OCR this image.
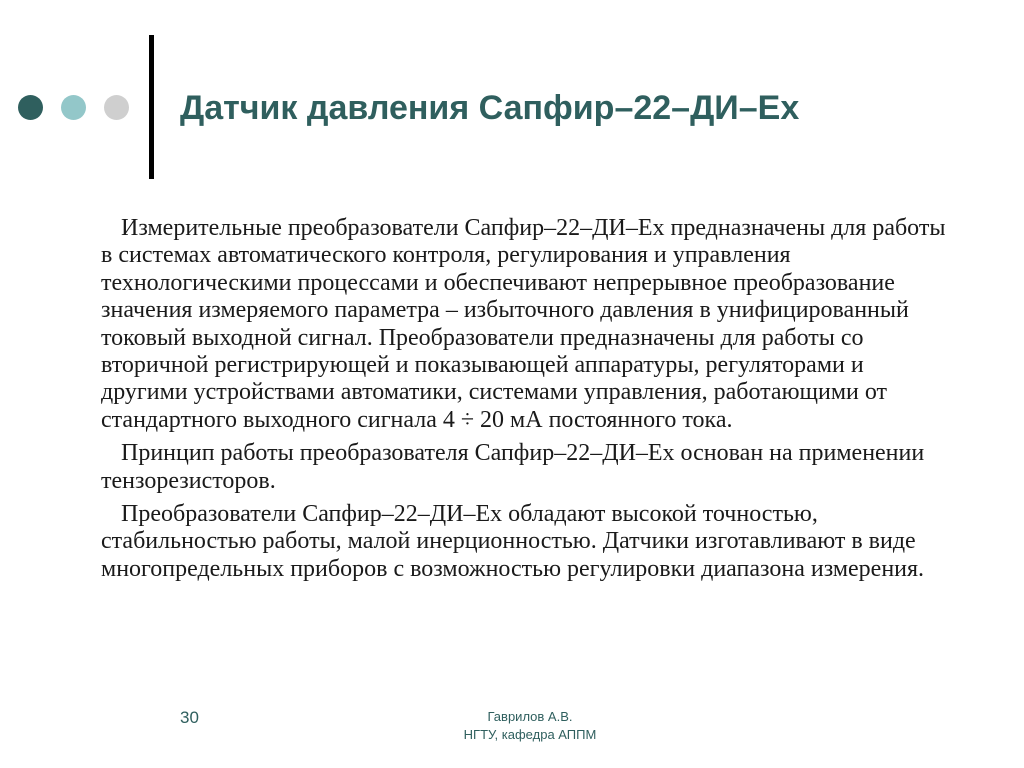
Датчик давления Сапфир–22–ДИ–Ех

Измерительные преобразователи Сапфир–22–ДИ–Ех предназначены для работы в системах автоматического контроля, регулирования и управления технологическими процессами и обеспечивают непрерывное преобразование значения измеряемого параметра – избыточного давления в унифицированный токовый выходной сигнал. Преобразователи предназначены для работы со вторичной регистрирующей и показывающей аппаратуры, регуляторами и другими устройствами автоматики, системами управления, работающими от стандартного выходного сигнала 4 ÷ 20 мА постоянного тока.

Принцип работы преобразователя Сапфир–22–ДИ–Ех основан на применении тензорезисторов.

Преобразователи Сапфир–22–ДИ–Ех обладают высокой точностью, стабильностью работы, малой инерционностью. Датчики изготавливают в виде многопредельных приборов с возможностью регулировки диапазона измерения.

30	Гаврилов А.В.
НГТУ, кафедра АППМ
